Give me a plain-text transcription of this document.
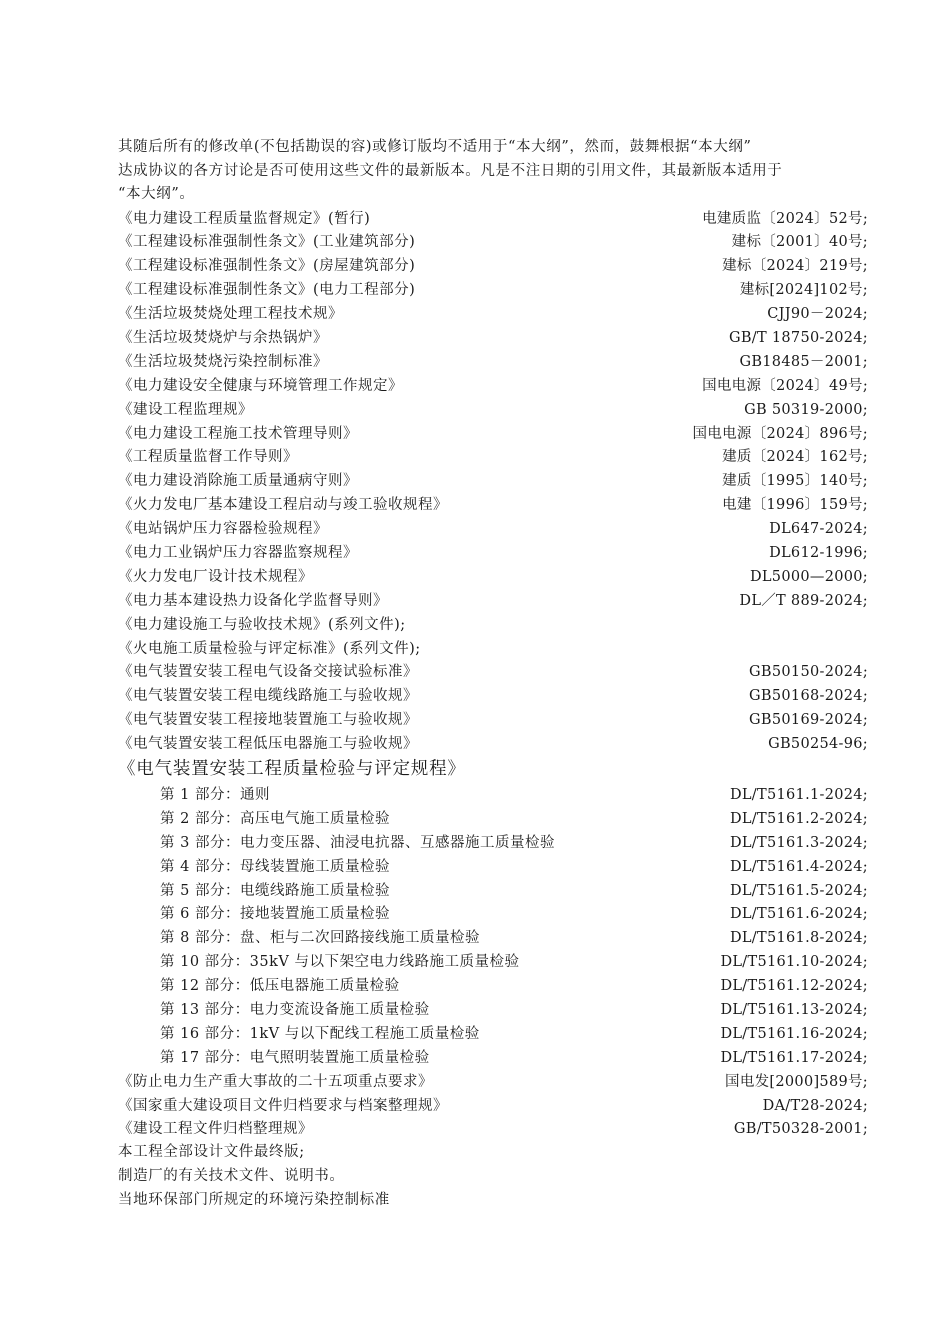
其随后所有的修改单(不包括勘误的容)或修订版均不适用于“本大纲”，然而，鼓舞根据“本大纲”

达成协议的各方讨论是否可使用这些文件的最新版本。凡是不注日期的引用文件，其最新版本适用于

“本大纲”。

《电力建设工程质量监督规定》(暂行)	电建质监〔2024〕52号;
《工程建设标准强制性条文》(工业建筑部分)	建标〔2001〕40号;
《工程建设标准强制性条文》(房屋建筑部分)	建标〔2024〕219号;
《工程建设标准强制性条文》(电力工程部分)	建标[2024]102号;
《生活垃圾焚烧处理工程技术规》	CJJ90－2024;
《生活垃圾焚烧炉与余热锅炉》	GB/T 18750-2024;
《生活垃圾焚烧污染控制标准》	GB18485－2001;
《电力建设安全健康与环境管理工作规定》	国电电源〔2024〕49号;
《建设工程监理规》	GB 50319-2000;
《电力建设工程施工技术管理导则》	国电电源〔2024〕896号;
《工程质量监督工作导则》	建质〔2024〕162号;
《电力建设消除施工质量通病守则》	建质〔1995〕140号;
《火力发电厂基本建设工程启动与竣工验收规程》	电建〔1996〕159号;
《电站锅炉压力容器检验规程》	DL647-2024;
《电力工业锅炉压力容器监察规程》	DL612-1996;
《火力发电厂设计技术规程》	DL5000—2000;
《电力基本建设热力设备化学监督导则》	DL／T 889-2024;
《电力建设施工与验收技术规》(系列文件);
《火电施工质量检验与评定标准》(系列文件);
《电气装置安装工程电气设备交接试验标准》	GB50150-2024;
《电气装置安装工程电缆线路施工与验收规》	GB50168-2024;
《电气装置安装工程接地装置施工与验收规》	GB50169-2024;
《电气装置安装工程低压电器施工与验收规》	GB50254-96;
《电气装置安装工程质量检验与评定规程》
第 1 部分：通则	DL/T5161.1-2024;
第 2 部分：高压电气施工质量检验	DL/T5161.2-2024;
第 3 部分：电力变压器、油浸电抗器、互感器施工质量检验	DL/T5161.3-2024;
第 4 部分：母线装置施工质量检验	DL/T5161.4-2024;
第 5 部分：电缆线路施工质量检验	DL/T5161.5-2024;
第 6 部分：接地装置施工质量检验	DL/T5161.6-2024;
第 8 部分：盘、柜与二次回路接线施工质量检验	DL/T5161.8-2024;
第 10 部分：35kV 与以下架空电力线路施工质量检验	DL/T5161.10-2024;
第 12 部分：低压电器施工质量检验	DL/T5161.12-2024;
第 13 部分：电力变流设备施工质量检验	DL/T5161.13-2024;
第 16 部分：1kV 与以下配线工程施工质量检验	DL/T5161.16-2024;
第 17 部分：电气照明装置施工质量检验	DL/T5161.17-2024;
《防止电力生产重大事故的二十五项重点要求》	国电发[2000]589号;
《国家重大建设项目文件归档要求与档案整理规》	DA/T28-2024;
《建设工程文件归档整理规》	GB/T50328-2001;
本工程全部设计文件最终版;
制造厂的有关技术文件、说明书。
当地环保部门所规定的环境污染控制标准
